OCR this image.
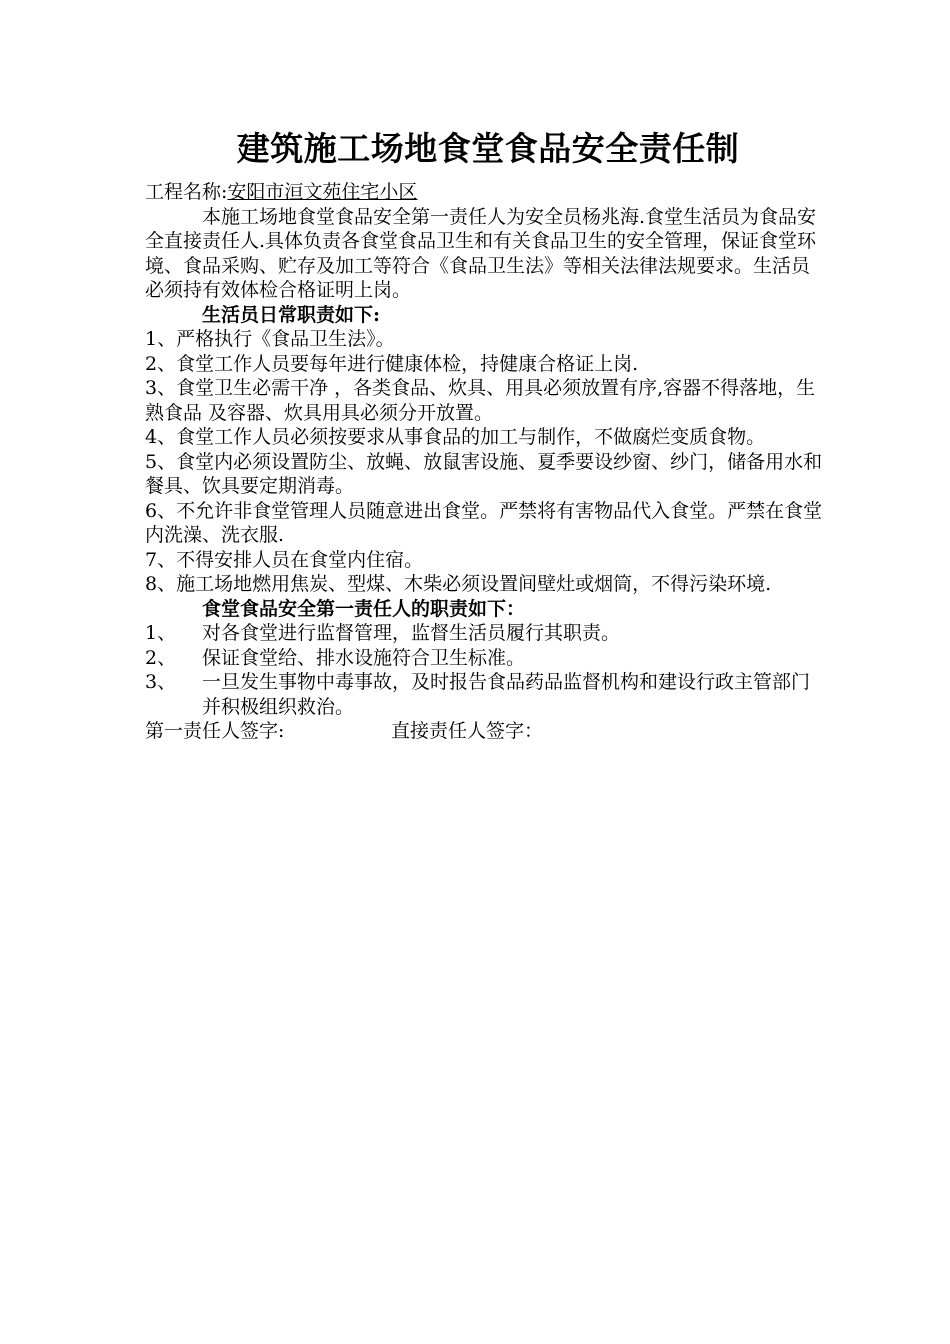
建筑施工场地食堂食品安全责任制
工程名称:安阳市洹文苑住宅小区
本施工场地食堂食品安全第一责任人为安全员杨兆海.食堂生活员为食品安全直接责任人.具体负责各食堂食品卫生和有关食品卫生的安全管理，保证食堂环境、食品采购、贮存及加工等符合《食品卫生法》等相关法律法规要求。生活员必须持有效体检合格证明上岗。
生活员日常职责如下:
1、严格执行《食品卫生法》。
2、食堂工作人员要每年进行健康体检，持健康合格证上岗.
3、食堂卫生必需干净 ，各类食品、炊具、用具必须放置有序,容器不得落地，生熟食品 及容器、炊具用具必须分开放置。
4、食堂工作人员必须按要求从事食品的加工与制作，不做腐烂变质食物。
5、食堂内必须设置防尘、放蝇、放鼠害设施、夏季要设纱窗、纱门，储备用水和餐具、饮具要定期消毒。
6、不允许非食堂管理人员随意进出食堂。严禁将有害物品代入食堂。严禁在食堂内洗澡、洗衣服.
7、不得安排人员在食堂内住宿。
8、施工场地燃用焦炭、型煤、木柴必须设置间壁灶或烟筒，不得污染环境.
食堂食品安全第一责任人的职责如下：
1、	对各食堂进行监督管理，监督生活员履行其职责。
2、	保证食堂给、排水设施符合卫生标准。
3、	一旦发生事物中毒事故，及时报告食品药品监督机构和建设行政主管部门并积极组织救治。
第一责任人签字:	直接责任人签字：
